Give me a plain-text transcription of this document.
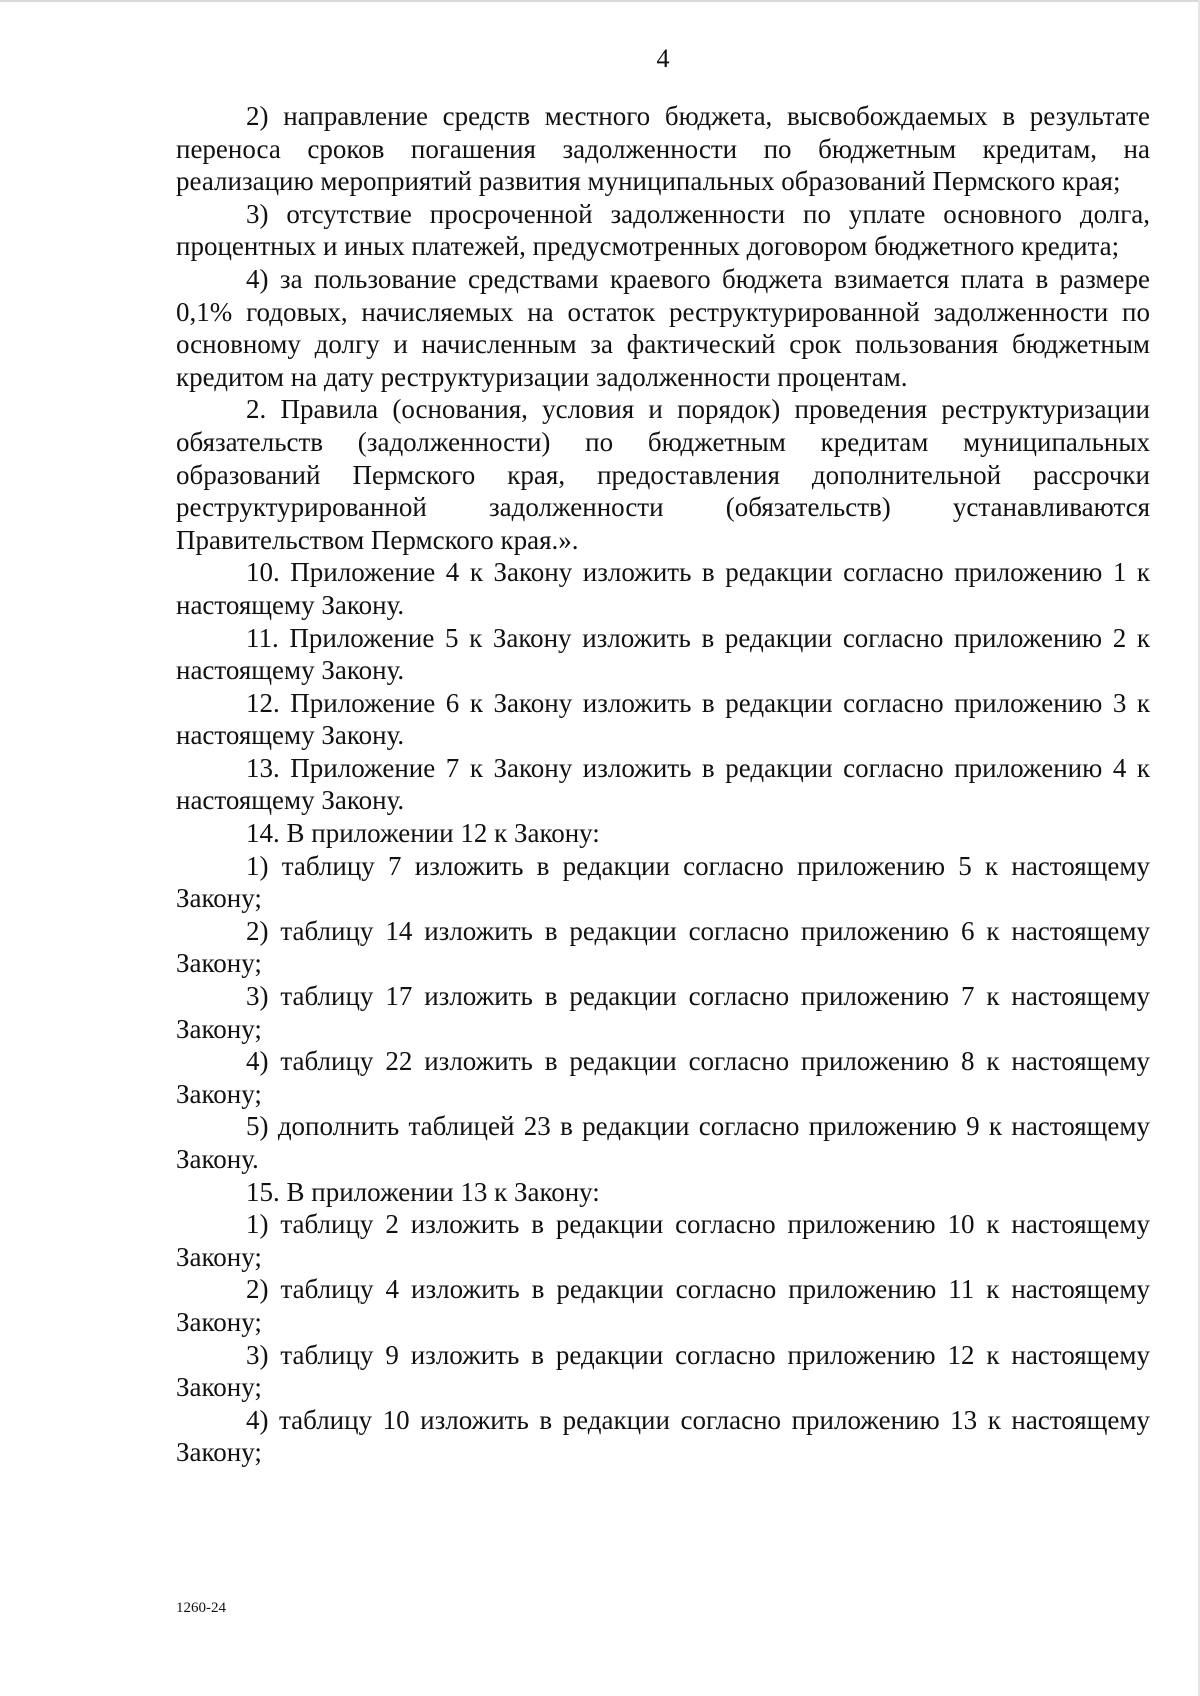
4

2) направление средств местного бюджета, высвобождаемых в результате переноса сроков погашения задолженности по бюджетным кредитам, на реализацию мероприятий развития муниципальных образований Пермского края;

3) отсутствие просроченной задолженности по уплате основного долга, процентных и иных платежей, предусмотренных договором бюджетного кредита;

4) за пользование средствами краевого бюджета взимается плата в размере 0,1% годовых, начисляемых на остаток реструктурированной задолженности по основному долгу и начисленным за фактический срок пользования бюджетным кредитом на дату реструктуризации задолженности процентам.

2. Правила (основания, условия и порядок) проведения реструктуризации обязательств (задолженности) по бюджетным кредитам муниципальных образований Пермского края, предоставления дополнительной рассрочки реструктурированной задолженности (обязательств) устанавливаются Правительством Пермского края.».

10. Приложение 4 к Закону изложить в редакции согласно приложению 1 к настоящему Закону.

11. Приложение 5 к Закону изложить в редакции согласно приложению 2 к настоящему Закону.

12. Приложение 6 к Закону изложить в редакции согласно приложению 3 к настоящему Закону.

13. Приложение 7 к Закону изложить в редакции согласно приложению 4 к настоящему Закону.

14. В приложении 12 к Закону:

1) таблицу 7 изложить в редакции согласно приложению 5 к настоящему Закону;

2) таблицу 14 изложить в редакции согласно приложению 6 к настоящему Закону;

3) таблицу 17 изложить в редакции согласно приложению 7 к настоящему Закону;

4) таблицу 22 изложить в редакции согласно приложению 8 к настоящему Закону;

5) дополнить таблицей 23 в редакции согласно приложению 9 к настоящему Закону.

15. В приложении 13 к Закону:

1) таблицу 2 изложить в редакции согласно приложению 10 к настоящему Закону;

2) таблицу 4 изложить в редакции согласно приложению 11 к настоящему Закону;

3) таблицу 9 изложить в редакции согласно приложению 12 к настоящему Закону;

4) таблицу 10 изложить в редакции согласно приложению 13 к настоящему Закону;

1260-24
